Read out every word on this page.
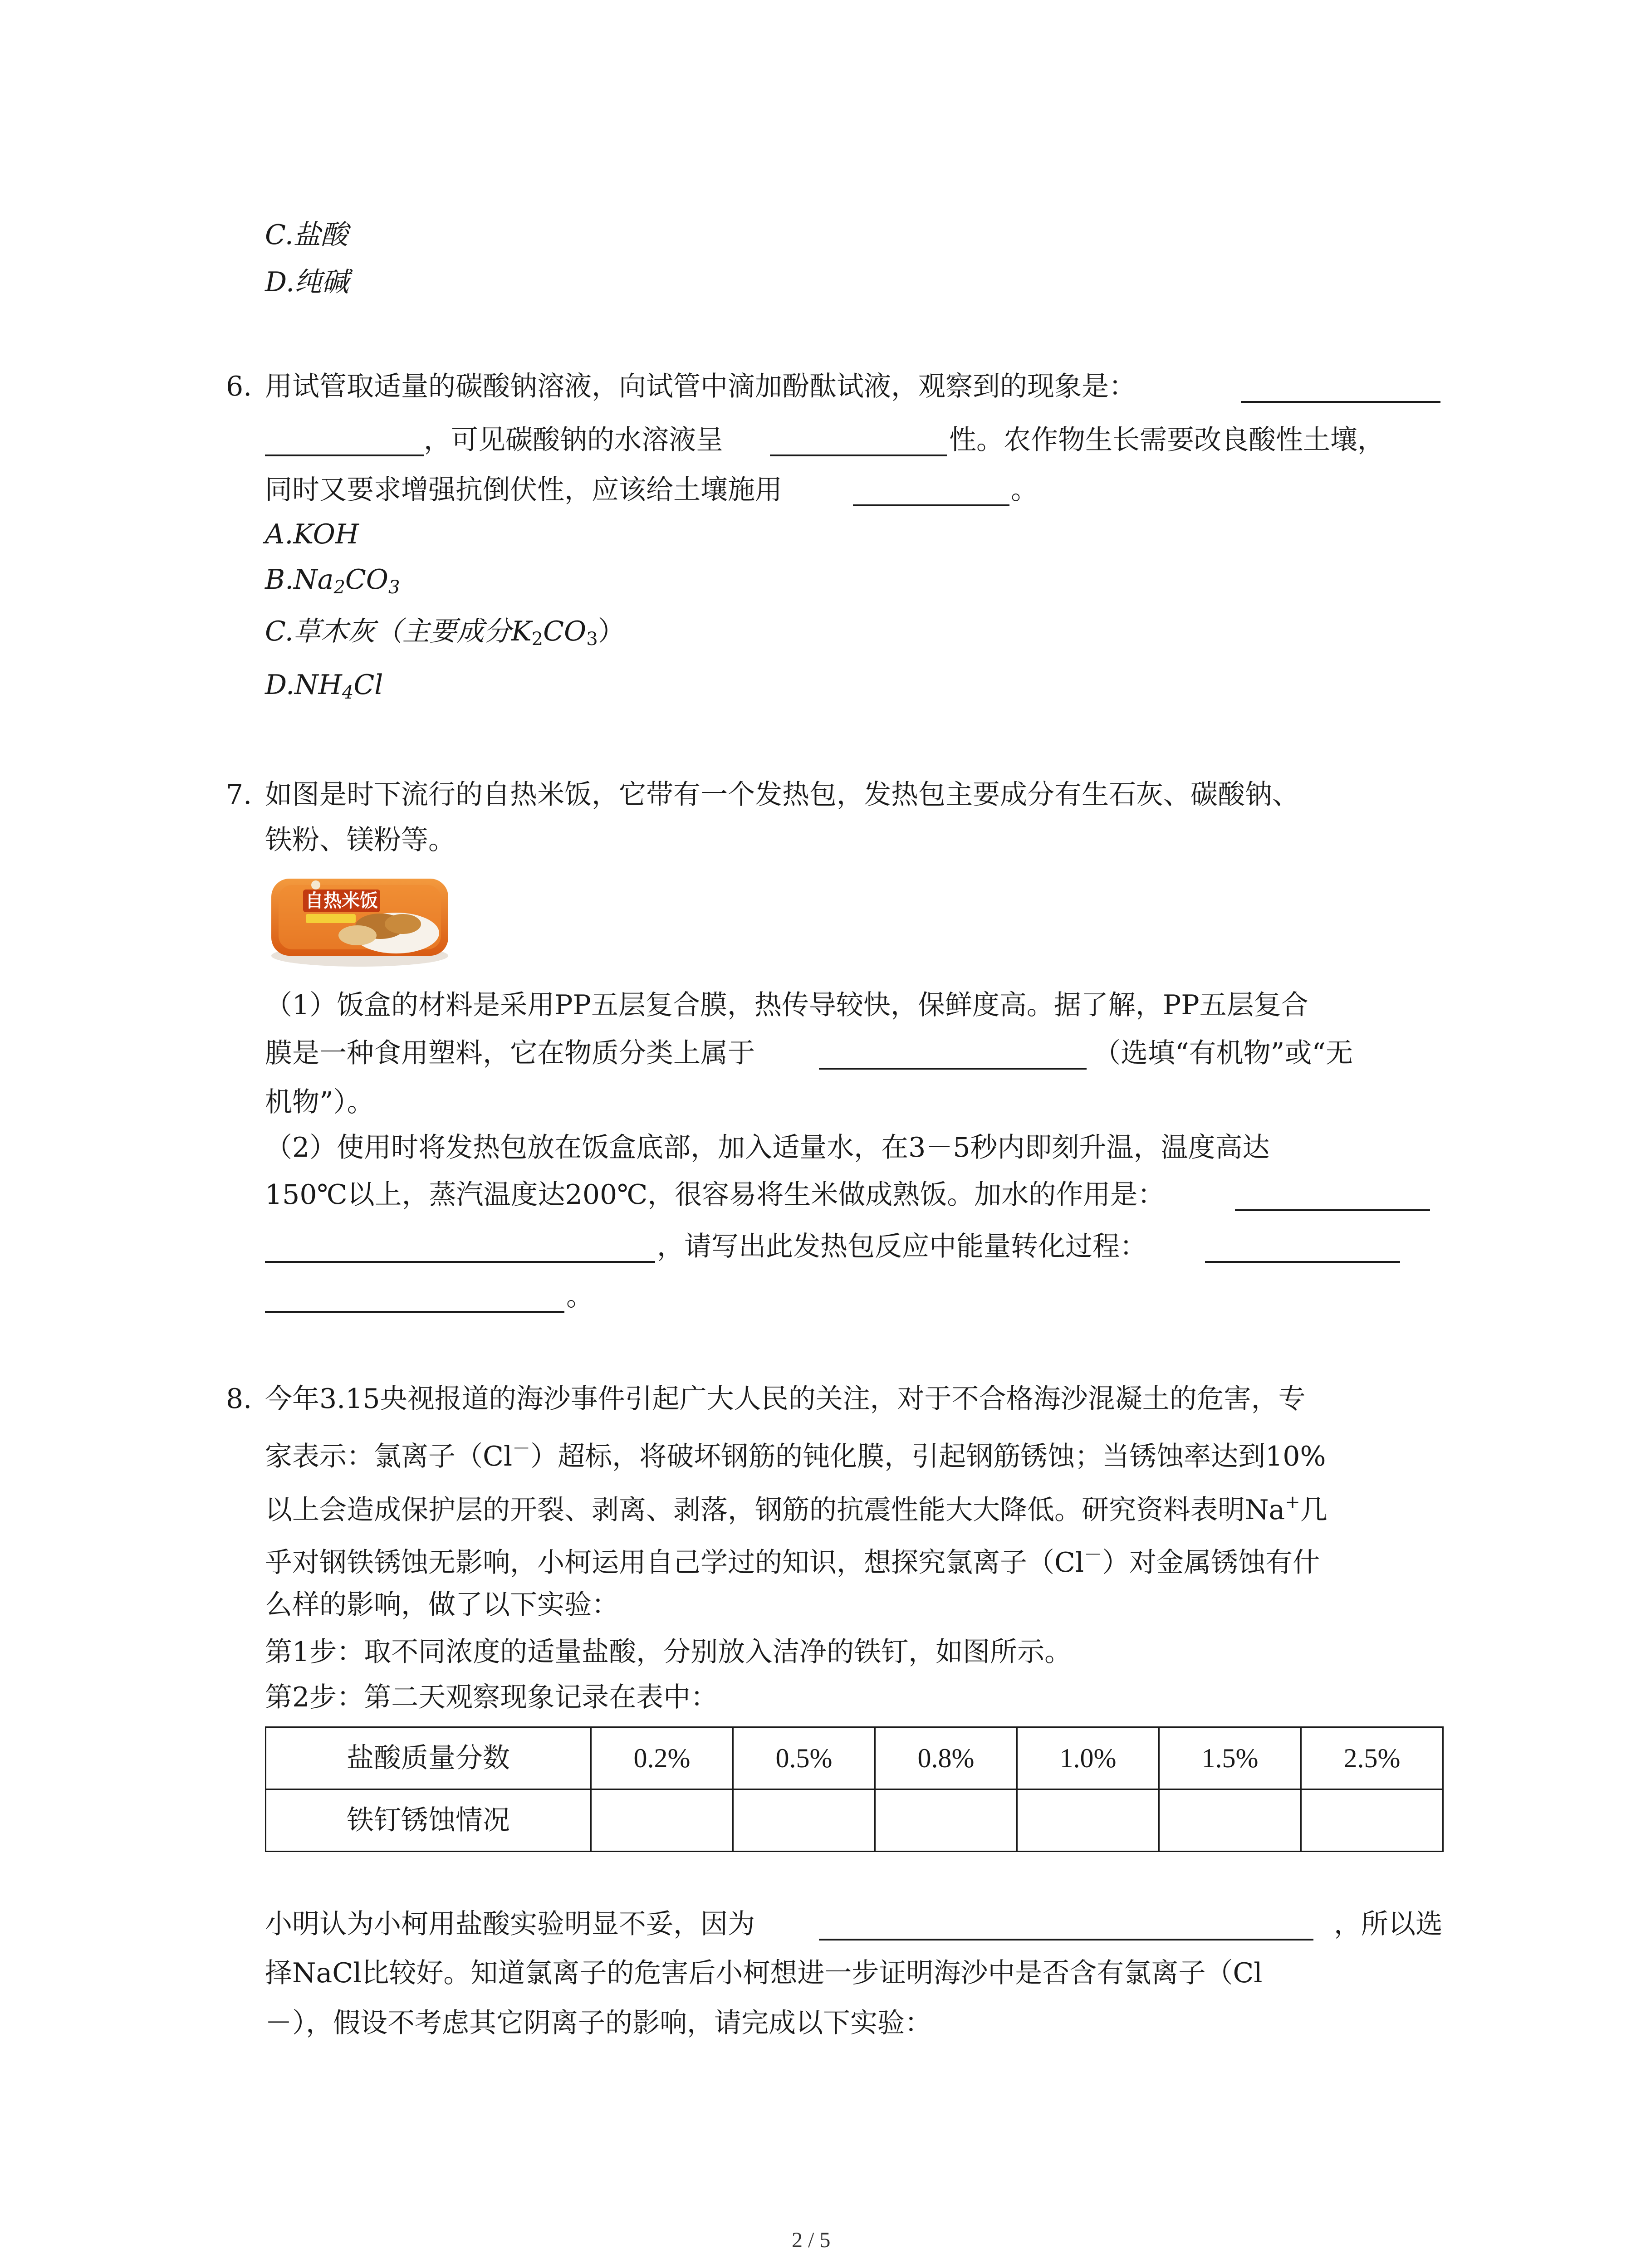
C.盐酸
D.纯碱
6. 用试管取适量的碳酸钠溶液，向试管中滴加酚酞试液，观察到的现象是：
，可见碳酸钠的水溶液呈	性。农作物生长需要改良酸性土壤，
同时又要求增强抗倒伏性，应该给土壤施用	。
A.KOH
$B.Na_2CO_3$
C.草木灰（主要成分$K_2CO_3$）
$D.NH_4Cl$
7. 如图是时下流行的自热米饭，它带有一个发热包，发热包主要成分有生石灰、碳酸钠、
铁粉、镁粉等。
自热米饭
（1）饭盒的材料是采用PP五层复合膜，热传导较快，保鲜度高。据了解，PP五层复合
膜是一种食用塑料，它在物质分类上属于	（选填“有机物”或“无
机物”）。
（2）使用时将发热包放在饭盒底部，加入适量水，在3－5秒内即刻升温，温度高达
150℃以上，蒸汽温度达200℃，很容易将生米做成熟饭。加水的作用是：
，请写出此发热包反应中能量转化过程：
。
8. 今年3.15央视报道的海沙事件引起广大人民的关注，对于不合格海沙混凝土的危害，专
家表示：氯离子（Cl－）超标，将破坏钢筋的钝化膜，引起钢筋锈蚀；当锈蚀率达到10%
以上会造成保护层的开裂、剥离、剥落，钢筋的抗震性能大大降低。研究资料表明Na+几
乎对钢铁锈蚀无影响，小柯运用自己学过的知识，想探究氯离子（Cl－）对金属锈蚀有什
么样的影响，做了以下实验：
第1步：取不同浓度的适量盐酸，分别放入洁净的铁钉，如图所示。
第2步：第二天观察现象记录在表中：
盐酸质量分数	0.2%	0.5%	0.8%	1.0%	1.5%	2.5%
铁钉锈蚀情况						
小明认为小柯用盐酸实验明显不妥，因为	，所以选
择NaCl比较好。知道氯离子的危害后小柯想进一步证明海沙中是否含有氯离子（Cl
－），假设不考虑其它阴离子的影响，请完成以下实验：
2 / 5
